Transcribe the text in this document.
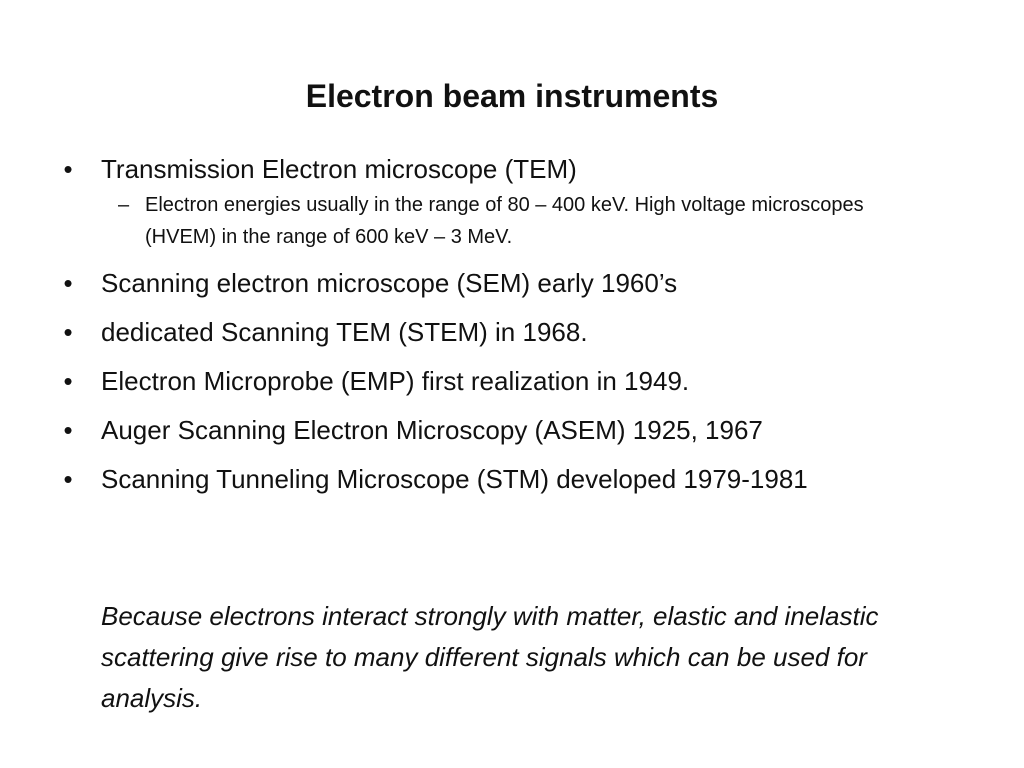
Electron beam instruments
• Transmission Electron microscope (TEM)
– Electron energies usually in the range of 80 – 400 keV. High voltage microscopes (HVEM) in the range of 600 keV – 3 MeV.
• Scanning electron microscope (SEM) early 1960’s
• dedicated Scanning TEM (STEM) in 1968.
• Electron Microprobe (EMP) first realization in 1949.
• Auger Scanning Electron Microscopy (ASEM) 1925, 1967
• Scanning Tunneling Microscope (STM) developed 1979-1981

Because electrons interact strongly with matter, elastic and inelastic scattering give rise to many different signals which can be used for analysis.
